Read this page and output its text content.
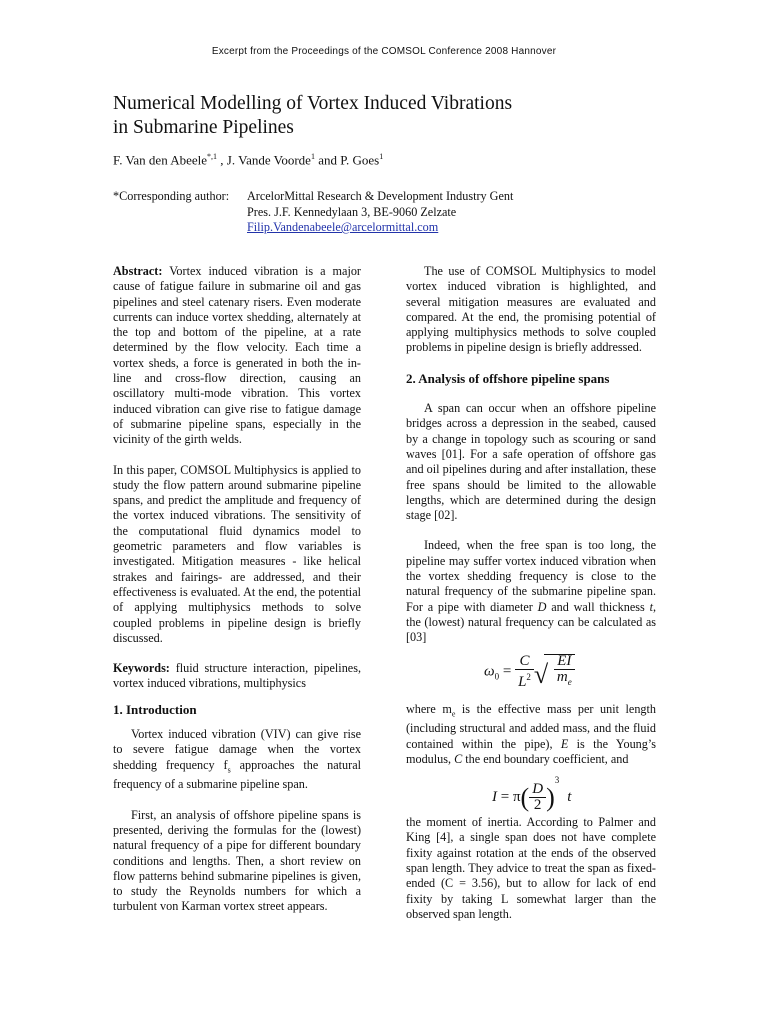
Excerpt from the Proceedings of the COMSOL Conference 2008 Hannover
Numerical Modelling of Vortex Induced Vibrations
in Submarine Pipelines
F. Van den Abeele$^{*,1}$ , J. Vande Voorde$^1$ and P. Goes$^1$
*Corresponding author: ArcelorMittal Research & Development Industry Gent
Pres. J.F. Kennedylaan 3, BE-9060 Zelzate
Filip.Vandenabeele@arcelormittal.com

Abstract: Vortex induced vibration is a major cause of fatigue failure in submarine oil and gas pipelines and steel catenary risers. Even moderate currents can induce vortex shedding, alternately at the top and bottom of the pipeline, at a rate determined by the flow velocity. Each time a vortex sheds, a force is generated in both the in-line and cross-flow direction, causing an oscillatory multi-mode vibration. This vortex induced vibration can give rise to fatigue damage of submarine pipeline spans, especially in the vicinity of the girth welds.

In this paper, COMSOL Multiphysics is applied to study the flow pattern around submarine pipeline spans, and predict the amplitude and frequency of the vortex induced vibrations. The sensitivity of the computational fluid dynamics model to geometric parameters and flow variables is investigated. Mitigation measures - like helical strakes and fairings- are addressed, and their effectiveness is evaluated. At the end, the potential of applying multiphysics methods to solve coupled problems in pipeline design is briefly discussed.

Keywords: fluid structure interaction, pipelines, vortex induced vibrations, multiphysics

1. Introduction

Vortex induced vibration (VIV) can give rise to severe fatigue damage when the vortex shedding frequency $f_s$ approaches the natural frequency of a submarine pipeline span.

First, an analysis of offshore pipeline spans is presented, deriving the formulas for the (lowest) natural frequency of a pipe for different boundary conditions and lengths. Then, a short review on flow patterns behind submarine pipelines is given, to study the Reynolds numbers for which a turbulent von Karman vortex street appears.

The use of COMSOL Multiphysics to model vortex induced vibration is highlighted, and several mitigation measures are evaluated and compared. At the end, the promising potential of applying multiphysics methods to solve coupled problems in pipeline design is briefly addressed.

2. Analysis of offshore pipeline spans

A span can occur when an offshore pipeline bridges across a depression in the seabed, caused by a change in topology such as scouring or sand waves [01]. For a safe operation of offshore gas and oil pipelines during and after installation, these free spans should be limited to the allowable lengths, which are determined during the design stage [02].

Indeed, when the free span is too long, the pipeline may suffer vortex induced vibration when the vortex shedding frequency is close to the natural frequency of the submarine pipeline span. For a pipe with diameter D and wall thickness t, the (lowest) natural frequency can be calculated as [03]

$\omega_0 = \frac{C}{L^2}$ √
$\frac{EI}{m_e}$

where $m_e$ is the effective mass per unit length (including structural and added mass, and the fluid contained within the pipe), E is the Young’s modulus, C the end boundary coefficient, and

$I = \pi( \frac{D}{2} )^3t$

the moment of inertia. According to Palmer and King [4], a single span does not have complete fixity against rotation at the ends of the observed span length. They advice to treat the span as fixed-ended (C = 3.56), but to allow for lack of end fixity by taking L somewhat larger than the observed span length.
